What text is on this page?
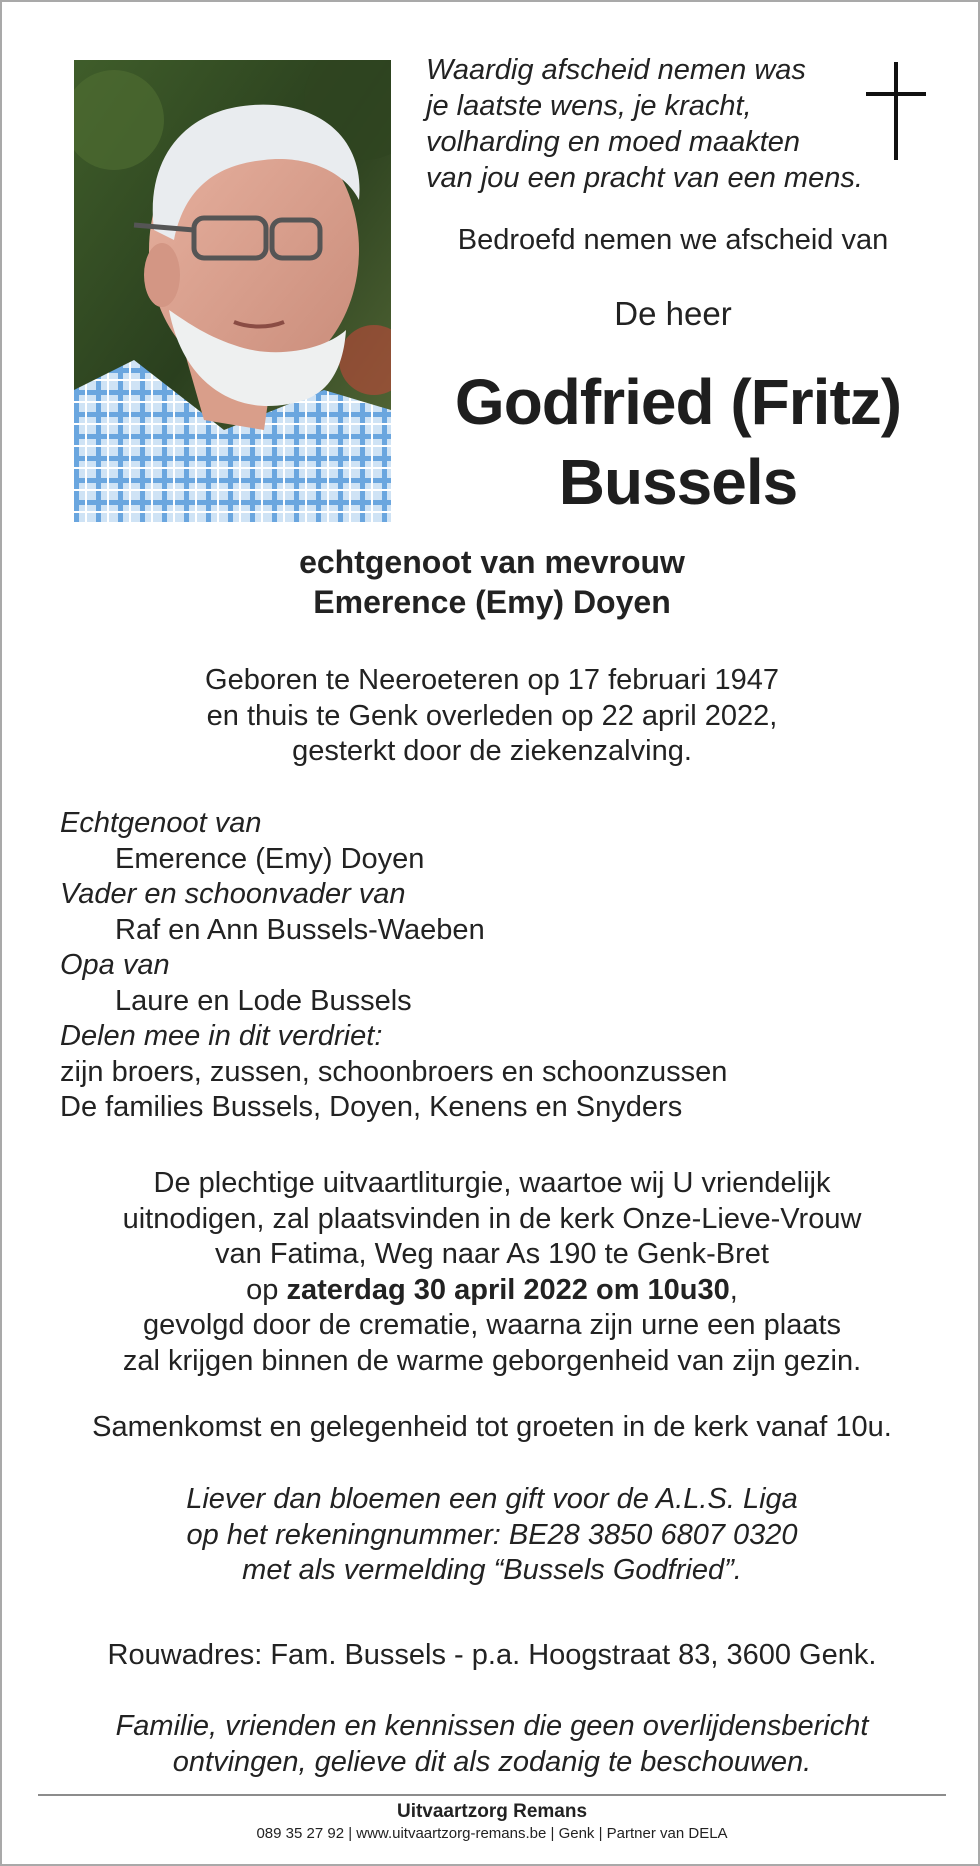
Waardig afscheid nemen was
je laatste wens, je kracht,
volharding en moed maakten
van jou een pracht van een mens.
Bedroefd nemen we afscheid van
De heer
Godfried (Fritz)
Bussels
echtgenoot van mevrouw
Emerence (Emy) Doyen
Geboren te Neeroeteren op 17 februari 1947
en thuis te Genk overleden op 22 april 2022,
gesterkt door de ziekenzalving.
Echtgenoot van
Emerence (Emy) Doyen
Vader en schoonvader van
Raf en Ann Bussels-Waeben
Opa van
Laure en Lode Bussels
Delen mee in dit verdriet:
zijn broers, zussen, schoonbroers en schoonzussen
De families Bussels, Doyen, Kenens en Snyders
De plechtige uitvaartliturgie, waartoe wij U vriendelijk
uitnodigen, zal plaatsvinden in de kerk Onze-Lieve-Vrouw
van Fatima, Weg naar As 190 te Genk-Bret
op zaterdag 30 april 2022 om 10u30,
gevolgd door de crematie, waarna zijn urne een plaats
zal krijgen binnen de warme geborgenheid van zijn gezin.
Samenkomst en gelegenheid tot groeten in de kerk vanaf 10u.
Liever dan bloemen een gift voor de A.L.S. Liga
op het rekeningnummer: BE28 3850 6807 0320
met als vermelding “Bussels Godfried”.
Rouwadres: Fam. Bussels - p.a. Hoogstraat 83, 3600 Genk.
Familie, vrienden en kennissen die geen overlijdensbericht
ontvingen, gelieve dit als zodanig te beschouwen.
Uitvaartzorg Remans
089 35 27 92 | www.uitvaartzorg-remans.be | Genk | Partner van DELA
